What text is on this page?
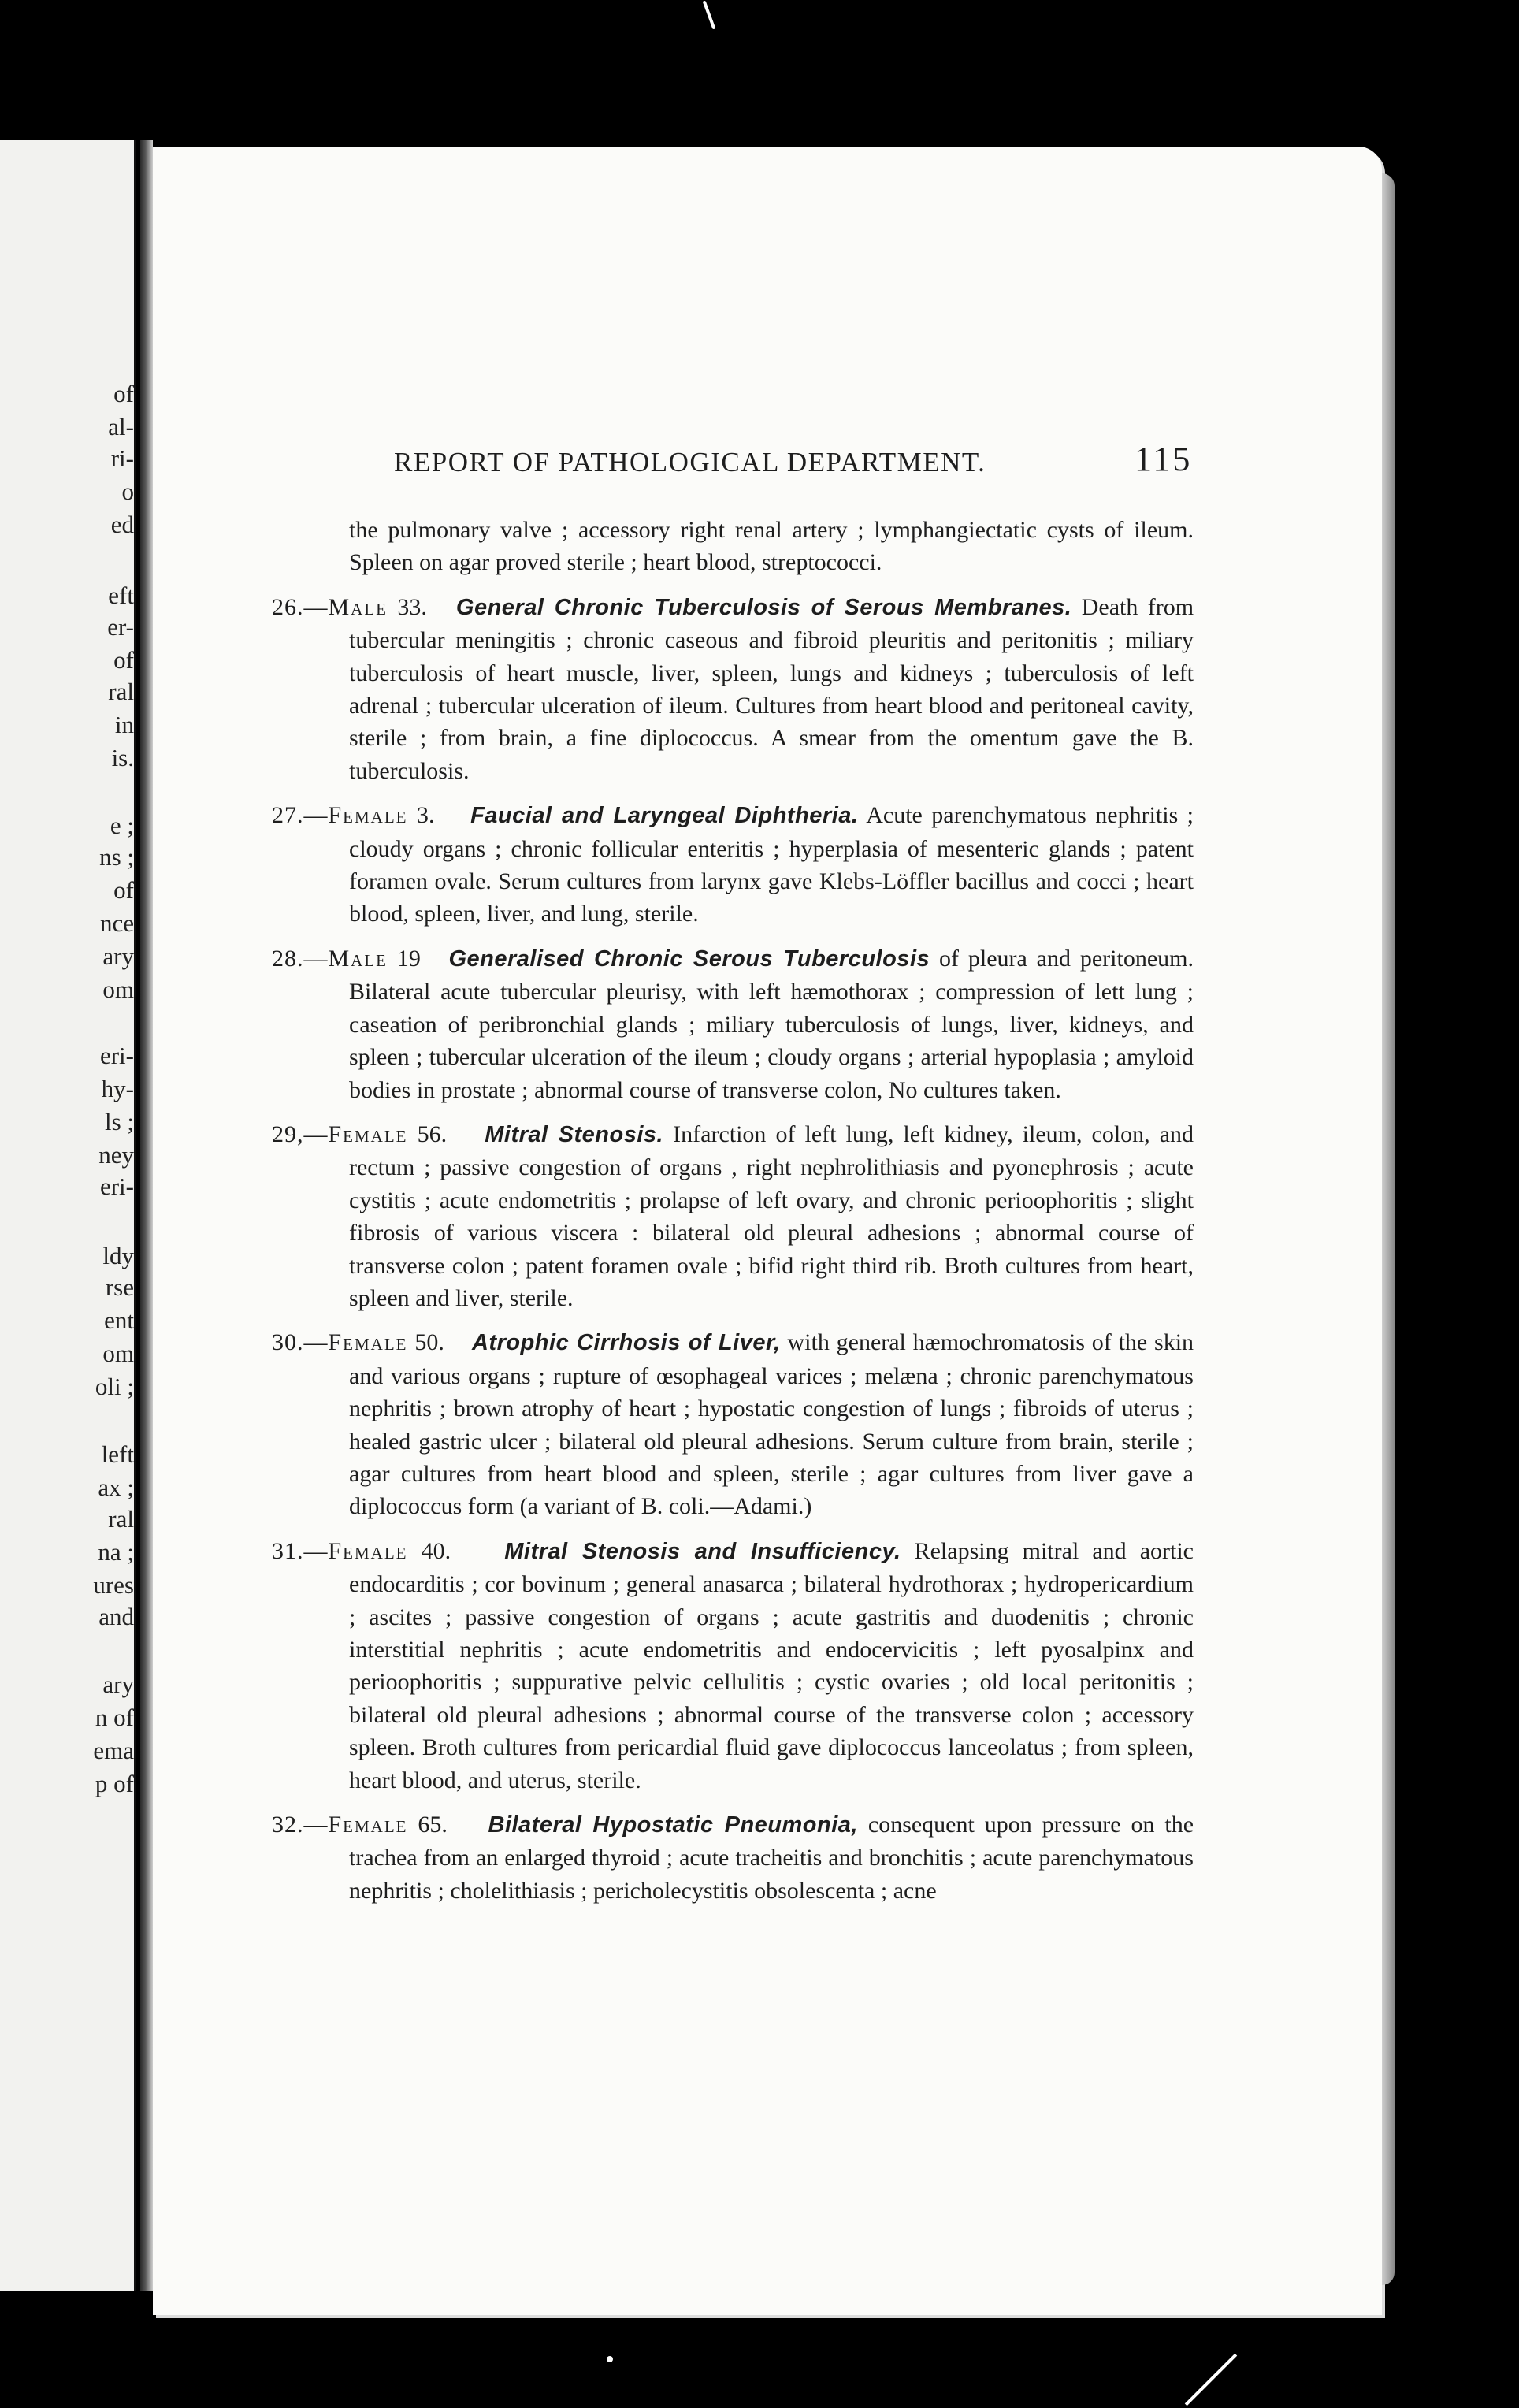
of
al-
ri-
o
ed
eft
er-
of
ral
in
is.
e ;
ns ;
of
nce
ary
om
eri-
hy-
ls ;
ney
eri-
ldy
rse
ent
om
oli ;
left
ax ;
ral
na ;
ures
and
ary
n of
ema
p of
REPORT OF PATHOLOGICAL DEPARTMENT.	115

the pulmonary valve ; accessory right renal artery ; lymphangiectatic cysts of ileum. Spleen on agar proved sterile ; heart blood, streptococci.

26.—Male 33. General Chronic Tuberculosis of Serous Membranes. Death from tubercular meningitis ; chronic caseous and fibroid pleuritis and peritonitis ; miliary tuberculosis of heart muscle, liver, spleen, lungs and kidneys ; tuberculosis of left adrenal ; tubercular ulceration of ileum. Cultures from heart blood and peritoneal cavity, sterile ; from brain, a fine diplococcus. A smear from the omentum gave the B. tuberculosis.

27.—Female 3. Faucial and Laryngeal Diphtheria. Acute parenchymatous nephritis ; cloudy organs ; chronic follicular enteritis ; hyperplasia of mesenteric glands ; patent foramen ovale. Serum cultures from larynx gave Klebs-Löffler bacillus and cocci ; heart blood, spleen, liver, and lung, sterile.

28.—Male 19 Generalised Chronic Serous Tuberculosis of pleura and peritoneum. Bilateral acute tubercular pleurisy, with left hæmothorax ; compression of lett lung ; caseation of peribronchial glands ; miliary tuberculosis of lungs, liver, kidneys, and spleen ; tubercular ulceration of the ileum ; cloudy organs ; arterial hypoplasia ; amyloid bodies in prostate ; abnormal course of transverse colon, No cultures taken.

29,—Female 56. Mitral Stenosis. Infarction of left lung, left kidney, ileum, colon, and rectum ; passive congestion of organs , right nephrolithiasis and pyonephrosis ; acute cystitis ; acute endometritis ; prolapse of left ovary, and chronic perioophoritis ; slight fibrosis of various viscera : bilateral old pleural adhesions ; abnormal course of transverse colon ; patent foramen ovale ; bifid right third rib. Broth cultures from heart, spleen and liver, sterile.

30.—Female 50. Atrophic Cirrhosis of Liver, with general hæmochromatosis of the skin and various organs ; rupture of œsophageal varices ; melæna ; chronic parenchymatous nephritis ; brown atrophy of heart ; hypostatic congestion of lungs ; fibroids of uterus ; healed gastric ulcer ; bilateral old pleural adhesions. Serum culture from brain, sterile ; agar cultures from heart blood and spleen, sterile ; agar cultures from liver gave a diplococcus form (a variant of B. coli.—Adami.)

31.—Female 40. Mitral Stenosis and Insufficiency. Relapsing mitral and aortic endocarditis ; cor bovinum ; general anasarca ; bilateral hydrothorax ; hydropericardium ; ascites ; passive congestion of organs ; acute gastritis and duodenitis ; chronic interstitial nephritis ; acute endometritis and endocervicitis ; left pyosalpinx and perioophoritis ; suppurative pelvic cellulitis ; cystic ovaries ; old local peritonitis ; bilateral old pleural adhesions ; abnormal course of the transverse colon ; accessory spleen. Broth cultures from pericardial fluid gave diplococcus lanceolatus ; from spleen, heart blood, and uterus, sterile.

32.—Female 65. Bilateral Hypostatic Pneumonia, consequent upon pressure on the trachea from an enlarged thyroid ; acute tracheitis and bronchitis ; acute parenchymatous nephritis ; cholelithiasis ; pericholecystitis obsolescenta ; acne
